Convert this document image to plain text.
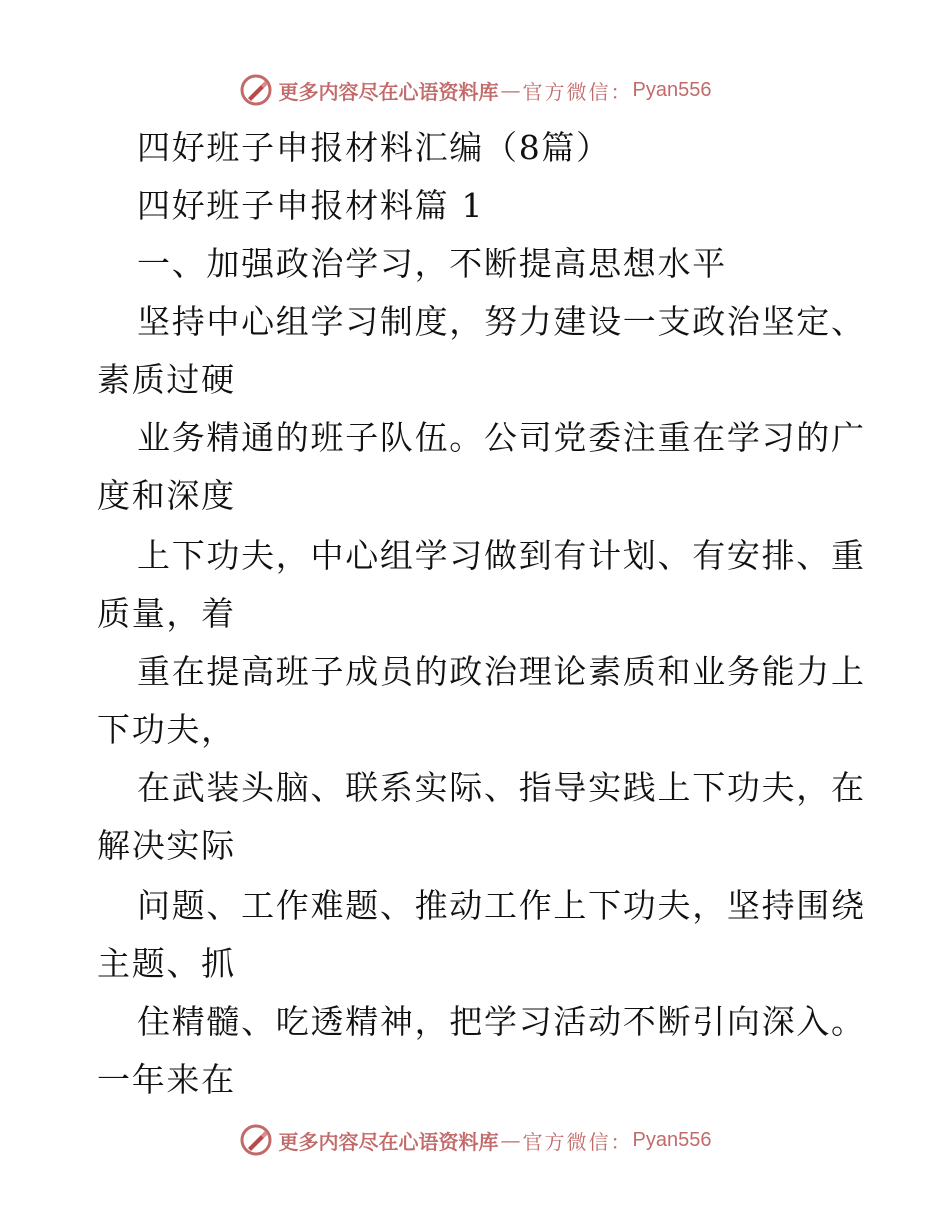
更多内容尽在心语资料库 — 官方微信： Pyan556
四好班子申报材料汇编（8篇）
四好班子申报材料篇 1
一、加强政治学习，不断提高思想水平
坚持中心组学习制度，努力建设一支政治坚定、
素质过硬
业务精通的班子队伍。公司党委注重在学习的广
度和深度
上下功夫，中心组学习做到有计划、有安排、重
质量，着
重在提高班子成员的政治理论素质和业务能力上
下功夫，
在武装头脑、联系实际、指导实践上下功夫，在
解决实际
问题、工作难题、推动工作上下功夫，坚持围绕
主题、抓
住精髓、吃透精神，把学习活动不断引向深入。
一年来在
更多内容尽在心语资料库 — 官方微信： Pyan556
